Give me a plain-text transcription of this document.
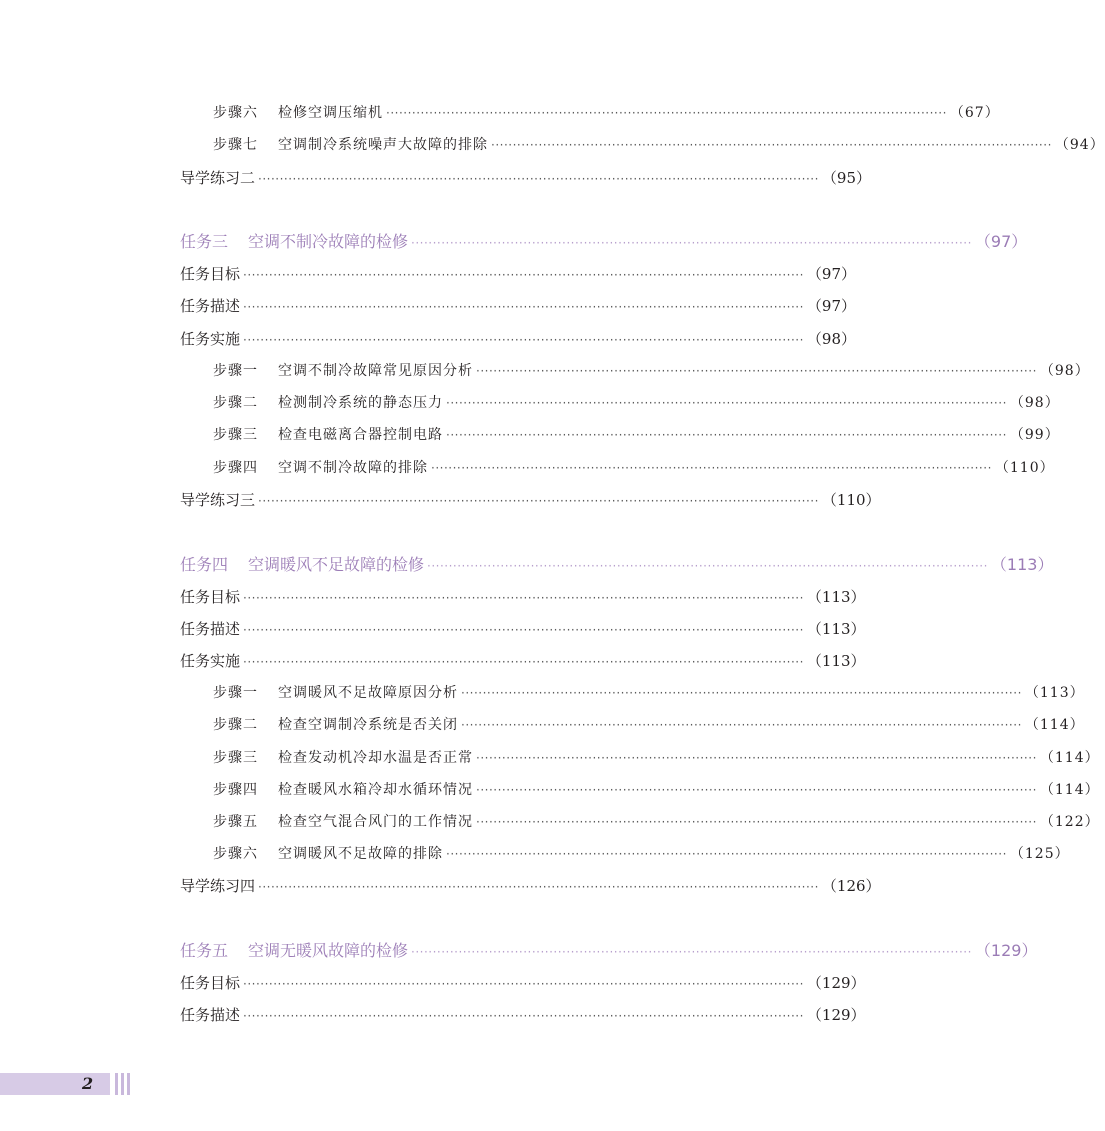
步骤六 检修空调压缩机 ·································································································································· （67）
步骤七 空调制冷系统噪声大故障的排除 ·································································································································· （94）
导学练习二 ·································································································································· （95）
任务三 空调不制冷故障的检修 ·································································································································· （97）
任务目标 ·································································································································· （97）
任务描述 ·································································································································· （97）
任务实施 ·································································································································· （98）
步骤一 空调不制冷故障常见原因分析 ·································································································································· （98）
步骤二 检测制冷系统的静态压力 ·································································································································· （98）
步骤三 检查电磁离合器控制电路 ·································································································································· （99）
步骤四 空调不制冷故障的排除 ·································································································································· （110）
导学练习三 ·································································································································· （110）
任务四 空调暖风不足故障的检修 ·································································································································· （113）
任务目标 ·································································································································· （113）
任务描述 ·································································································································· （113）
任务实施 ·································································································································· （113）
步骤一 空调暖风不足故障原因分析 ·································································································································· （113）
步骤二 检查空调制冷系统是否关闭 ·································································································································· （114）
步骤三 检查发动机冷却水温是否正常 ·································································································································· （114）
步骤四 检查暖风水箱冷却水循环情况 ·································································································································· （114）
步骤五 检查空气混合风门的工作情况 ·································································································································· （122）
步骤六 空调暖风不足故障的排除 ·································································································································· （125）
导学练习四 ·································································································································· （126）
任务五 空调无暖风故障的检修 ·································································································································· （129）
任务目标 ·································································································································· （129）
任务描述 ·································································································································· （129）
2
